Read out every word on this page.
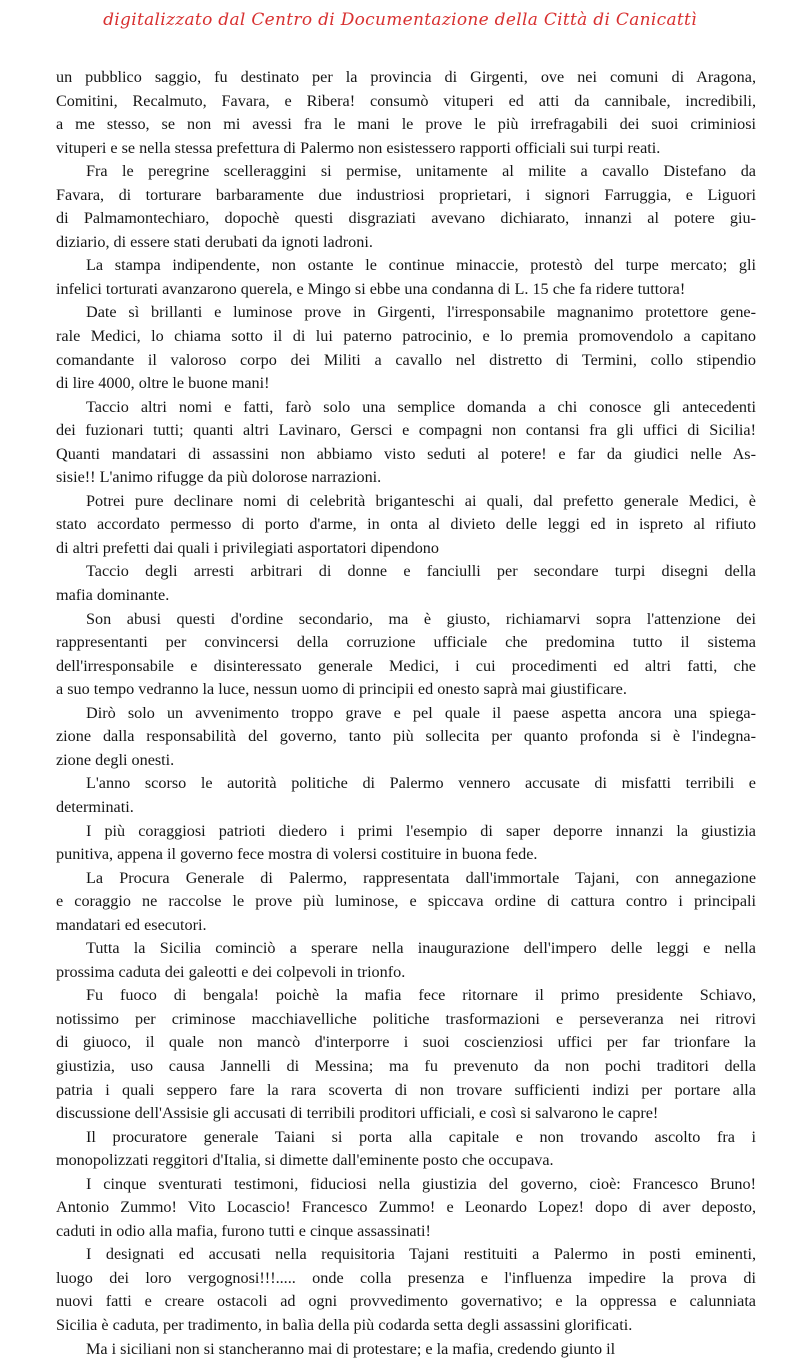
digitalizzato dal Centro di Documentazione della Città di Canicattì
un pubblico saggio, fu destinato per la provincia di Girgenti, ove nei comuni di Aragona,
Comitini, Recalmuto, Favara, e Ribera! consumò vituperi ed atti da cannibale, incredibili,
a me stesso, se non mi avessi fra le mani le prove le più irrefragabili dei suoi criminiosi
vituperi e se nella stessa prefettura di Palermo non esistessero rapporti officiali sui turpi reati.
Fra le peregrine scelleraggini si permise, unitamente al milite a cavallo Distefano da
Favara, di torturare barbaramente due industriosi proprietari, i signori Farruggia, e Liguori
di Palmamontechiaro, dopochè questi disgraziati avevano dichiarato, innanzi al potere giu-
diziario, di essere stati derubati da ignoti ladroni.
La stampa indipendente, non ostante le continue minaccie, protestò del turpe mercato; gli
infelici torturati avanzarono querela, e Mingo si ebbe una condanna di L. 15 che fa ridere tuttora!
Date sì brillanti e luminose prove in Girgenti, l'irresponsabile magnanimo protettore gene-
rale Medici, lo chiama sotto il di lui paterno patrocinio, e lo premia promovendolo a capitano
comandante il valoroso corpo dei Militi a cavallo nel distretto di Termini, collo stipendio
di lire 4000, oltre le buone mani!
Taccio altri nomi e fatti, farò solo una semplice domanda a chi conosce gli antecedenti
dei fuzionari tutti; quanti altri Lavinaro, Gersci e compagni non contansi fra gli uffici di Sicilia!
Quanti mandatari di assassini non abbiamo visto seduti al potere! e far da giudici nelle As-
sisie!! L'animo rifugge da più dolorose narrazioni.
Potrei pure declinare nomi di celebrità briganteschi ai quali, dal prefetto generale Medici, è
stato accordato permesso di porto d'arme, in onta al divieto delle leggi ed in ispreto al rifiuto
di altri prefetti dai quali i privilegiati asportatori dipendono
Taccio degli arresti arbitrari di donne e fanciulli per secondare turpi disegni della
mafia dominante.
Son abusi questi d'ordine secondario, ma è giusto, richiamarvi sopra l'attenzione dei
rappresentanti per convincersi della corruzione ufficiale che predomina tutto il sistema
dell'irresponsabile e disinteressato generale Medici, i cui procedimenti ed altri fatti, che
a suo tempo vedranno la luce, nessun uomo di principii ed onesto saprà mai giustificare.
Dirò solo un avvenimento troppo grave e pel quale il paese aspetta ancora una spiega-
zione dalla responsabilità del governo, tanto più sollecita per quanto profonda si è l'indegna-
zione degli onesti.
L'anno scorso le autorità politiche di Palermo vennero accusate di misfatti terribili e
determinati.
I più coraggiosi patrioti diedero i primi l'esempio di saper deporre innanzi la giustizia
punitiva, appena il governo fece mostra di volersi costituire in buona fede.
La Procura Generale di Palermo, rappresentata dall'immortale Tajani, con annegazione
e coraggio ne raccolse le prove più luminose, e spiccava ordine di cattura contro i principali
mandatari ed esecutori.
Tutta la Sicilia cominciò a sperare nella inaugurazione dell'impero delle leggi e nella
prossima caduta dei galeotti e dei colpevoli in trionfo.
Fu fuoco di bengala! poichè la mafia fece ritornare il primo presidente Schiavo,
notissimo per criminose macchiavelliche politiche trasformazioni e perseveranza nei ritrovi
di giuoco, il quale non mancò d'interporre i suoi coscienziosi uffici per far trionfare la
giustizia, uso causa Jannelli di Messina; ma fu prevenuto da non pochi traditori della
patria i quali seppero fare la rara scoverta di non trovare sufficienti indizi per portare alla
discussione dell'Assisie gli accusati di terribili proditori ufficiali, e così si salvarono le capre!
Il procuratore generale Taiani si porta alla capitale e non trovando ascolto fra i
monopolizzati reggitori d'Italia, si dimette dall'eminente posto che occupava.
I cinque sventurati testimoni, fiduciosi nella giustizia del governo, cioè: Francesco Bruno!
Antonio Zummo! Vito Locascio! Francesco Zummo! e Leonardo Lopez! dopo di aver deposto,
caduti in odio alla mafia, furono tutti e cinque assassinati!
I designati ed accusati nella requisitoria Tajani restituiti a Palermo in posti eminenti,
luogo dei loro vergognosi!!!..... onde colla presenza e l'influenza impedire la prova di
nuovi fatti e creare ostacoli ad ogni provvedimento governativo; e la oppressa e calunniata
Sicilia è caduta, per tradimento, in balìa della più codarda setta degli assassini glorificati.
Ma i siciliani non si stancheranno mai di protestare; e la mafia, credendo giunto il
